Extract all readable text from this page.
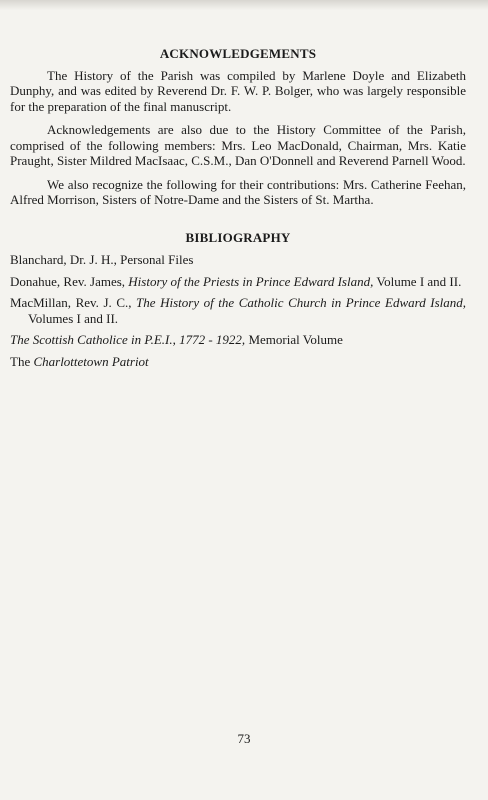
ACKNOWLEDGEMENTS

The History of the Parish was compiled by Marlene Doyle and Elizabeth Dunphy, and was edited by Reverend Dr. F. W. P. Bolger, who was largely responsible for the preparation of the final manuscript.

Acknowledgements are also due to the History Committee of the Parish, comprised of the following members: Mrs. Leo MacDonald, Chairman, Mrs. Katie Praught, Sister Mildred MacIsaac, C.S.M., Dan O'Donnell and Reverend Parnell Wood.

We also recognize the following for their contributions: Mrs. Catherine Feehan, Alfred Morrison, Sisters of Notre-Dame and the Sisters of St. Martha.

BIBLIOGRAPHY

Blanchard, Dr. J. H., Personal Files

Donahue, Rev. James, History of the Priests in Prince Edward Island, Volume I and II.

MacMillan, Rev. J. C., The History of the Catholic Church in Prince Edward Island, Volumes I and II.

The Scottish Catholice in P.E.I., 1772 - 1922, Memorial Volume

The Charlottetown Patriot

73
